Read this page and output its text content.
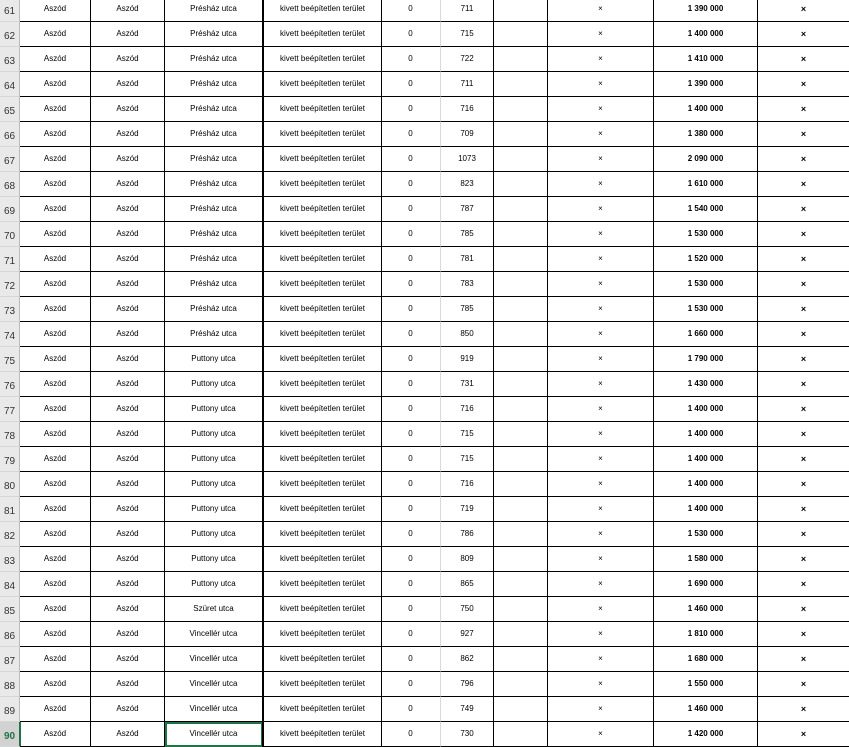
61	Aszód	Aszód	Présház utca	kivett beépítetlen terület	0	711	×	1 390 000	×
62	Aszód	Aszód	Présház utca	kivett beépítetlen terület	0	715	×	1 400 000	×
63	Aszód	Aszód	Présház utca	kivett beépítetlen terület	0	722	×	1 410 000	×
64	Aszód	Aszód	Présház utca	kivett beépítetlen terület	0	711	×	1 390 000	×
65	Aszód	Aszód	Présház utca	kivett beépítetlen terület	0	716	×	1 400 000	×
66	Aszód	Aszód	Présház utca	kivett beépítetlen terület	0	709	×	1 380 000	×
67	Aszód	Aszód	Présház utca	kivett beépítetlen terület	0	1073	×	2 090 000	×
68	Aszód	Aszód	Présház utca	kivett beépítetlen terület	0	823	×	1 610 000	×
69	Aszód	Aszód	Présház utca	kivett beépítetlen terület	0	787	×	1 540 000	×
70	Aszód	Aszód	Présház utca	kivett beépítetlen terület	0	785	×	1 530 000	×
71	Aszód	Aszód	Présház utca	kivett beépítetlen terület	0	781	×	1 520 000	×
72	Aszód	Aszód	Présház utca	kivett beépítetlen terület	0	783	×	1 530 000	×
73	Aszód	Aszód	Présház utca	kivett beépítetlen terület	0	785	×	1 530 000	×
74	Aszód	Aszód	Présház utca	kivett beépítetlen terület	0	850	×	1 660 000	×
75	Aszód	Aszód	Puttony utca	kivett beépítetlen terület	0	919	×	1 790 000	×
76	Aszód	Aszód	Puttony utca	kivett beépítetlen terület	0	731	×	1 430 000	×
77	Aszód	Aszód	Puttony utca	kivett beépítetlen terület	0	716	×	1 400 000	×
78	Aszód	Aszód	Puttony utca	kivett beépítetlen terület	0	715	×	1 400 000	×
79	Aszód	Aszód	Puttony utca	kivett beépítetlen terület	0	715	×	1 400 000	×
80	Aszód	Aszód	Puttony utca	kivett beépítetlen terület	0	716	×	1 400 000	×
81	Aszód	Aszód	Puttony utca	kivett beépítetlen terület	0	719	×	1 400 000	×
82	Aszód	Aszód	Puttony utca	kivett beépítetlen terület	0	786	×	1 530 000	×
83	Aszód	Aszód	Puttony utca	kivett beépítetlen terület	0	809	×	1 580 000	×
84	Aszód	Aszód	Puttony utca	kivett beépítetlen terület	0	865	×	1 690 000	×
85	Aszód	Aszód	Szüret utca	kivett beépítetlen terület	0	750	×	1 460 000	×
86	Aszód	Aszód	Vincellér utca	kivett beépítetlen terület	0	927	×	1 810 000	×
87	Aszód	Aszód	Vincellér utca	kivett beépítetlen terület	0	862	×	1 680 000	×
88	Aszód	Aszód	Vincellér utca	kivett beépítetlen terület	0	796	×	1 550 000	×
89	Aszód	Aszód	Vincellér utca	kivett beépítetlen terület	0	749	×	1 460 000	×
90	Aszód	Aszód	Vincellér utca	kivett beépítetlen terület	0	730	×	1 420 000	×
